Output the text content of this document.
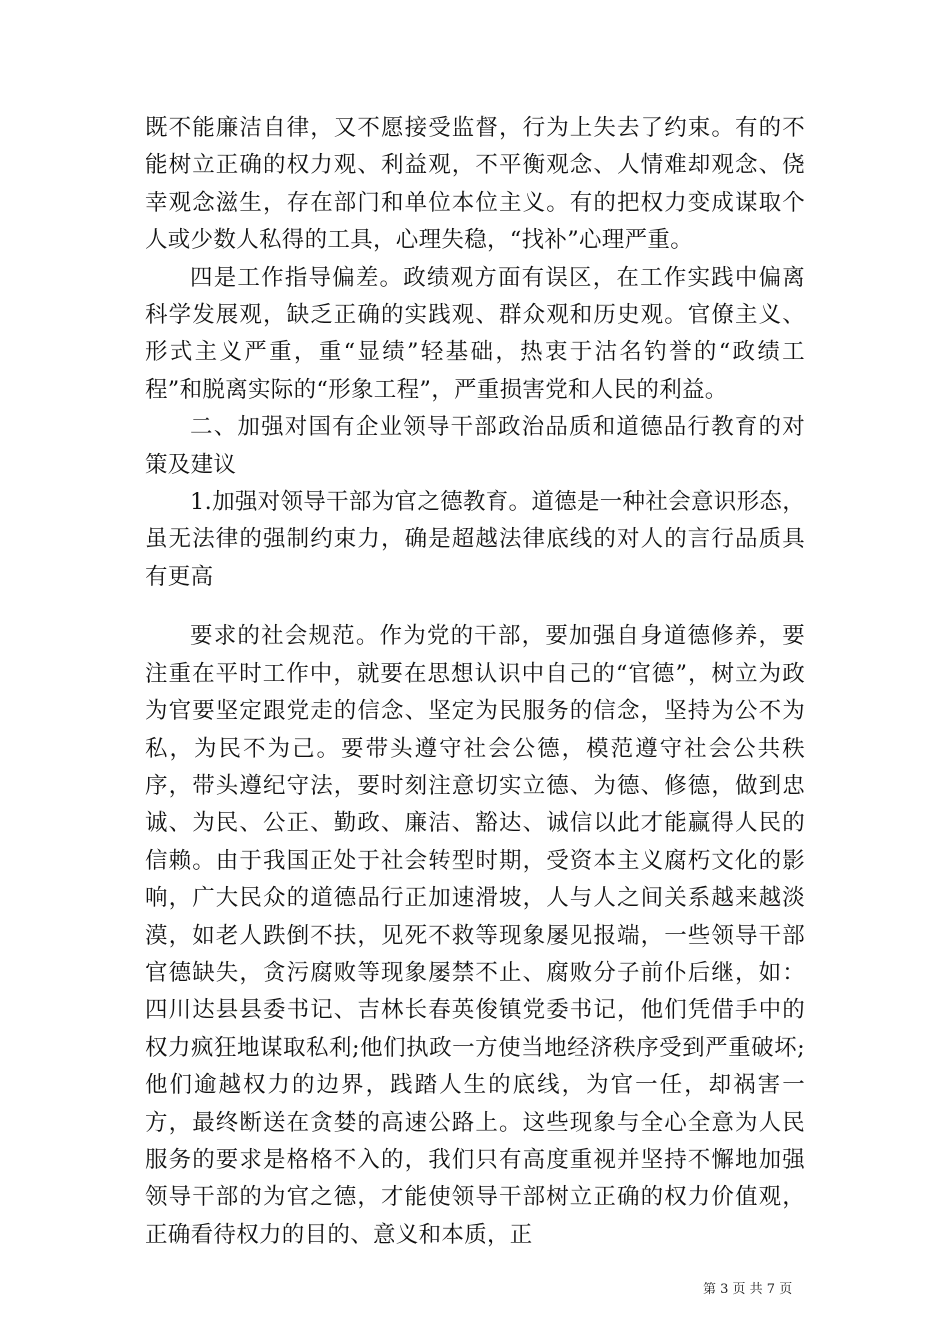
既不能廉洁自律，又不愿接受监督，行为上失去了约束。有的不能树立正确的权力观、利益观，不平衡观念、人情难却观念、侥幸观念滋生，存在部门和单位本位主义。有的把权力变成谋取个人或少数人私得的工具，心理失稳，“找补”心理严重。

四是工作指导偏差。政绩观方面有误区，在工作实践中偏离科学发展观，缺乏正确的实践观、群众观和历史观。官僚主义、形式主义严重，重“显绩”轻基础，热衷于沽名钓誉的“政绩工程”和脱离实际的“形象工程”，严重损害党和人民的利益。

二、加强对国有企业领导干部政治品质和道德品行教育的对策及建议

1.加强对领导干部为官之德教育。道德是一种社会意识形态，虽无法律的强制约束力，确是超越法律底线的对人的言行品质具有更高

要求的社会规范。作为党的干部，要加强自身道德修养，要注重在平时工作中，就要在思想认识中自己的“官德”，树立为政为官要坚定跟党走的信念、坚定为民服务的信念，坚持为公不为私，为民不为己。要带头遵守社会公德，模范遵守社会公共秩序，带头遵纪守法，要时刻注意切实立德、为德、修德，做到忠诚、为民、公正、勤政、廉洁、豁达、诚信以此才能赢得人民的信赖。由于我国正处于社会转型时期，受资本主义腐朽文化的影响，广大民众的道德品行正加速滑坡，人与人之间关系越来越淡漠，如老人跌倒不扶，见死不救等现象屡见报端，一些领导干部官德缺失，贪污腐败等现象屡禁不止、腐败分子前仆后继，如：四川达县县委书记、吉林长春英俊镇党委书记，他们凭借手中的权力疯狂地谋取私利;他们执政一方使当地经济秩序受到严重破坏;他们逾越权力的边界，践踏人生的底线，为官一任，却祸害一方，最终断送在贪婪的高速公路上。这些现象与全心全意为人民服务的要求是格格不入的，我们只有高度重视并坚持不懈地加强领导干部的为官之德，才能使领导干部树立正确的权力价值观，正确看待权力的目的、意义和本质，正

第 3 页 共 7 页
